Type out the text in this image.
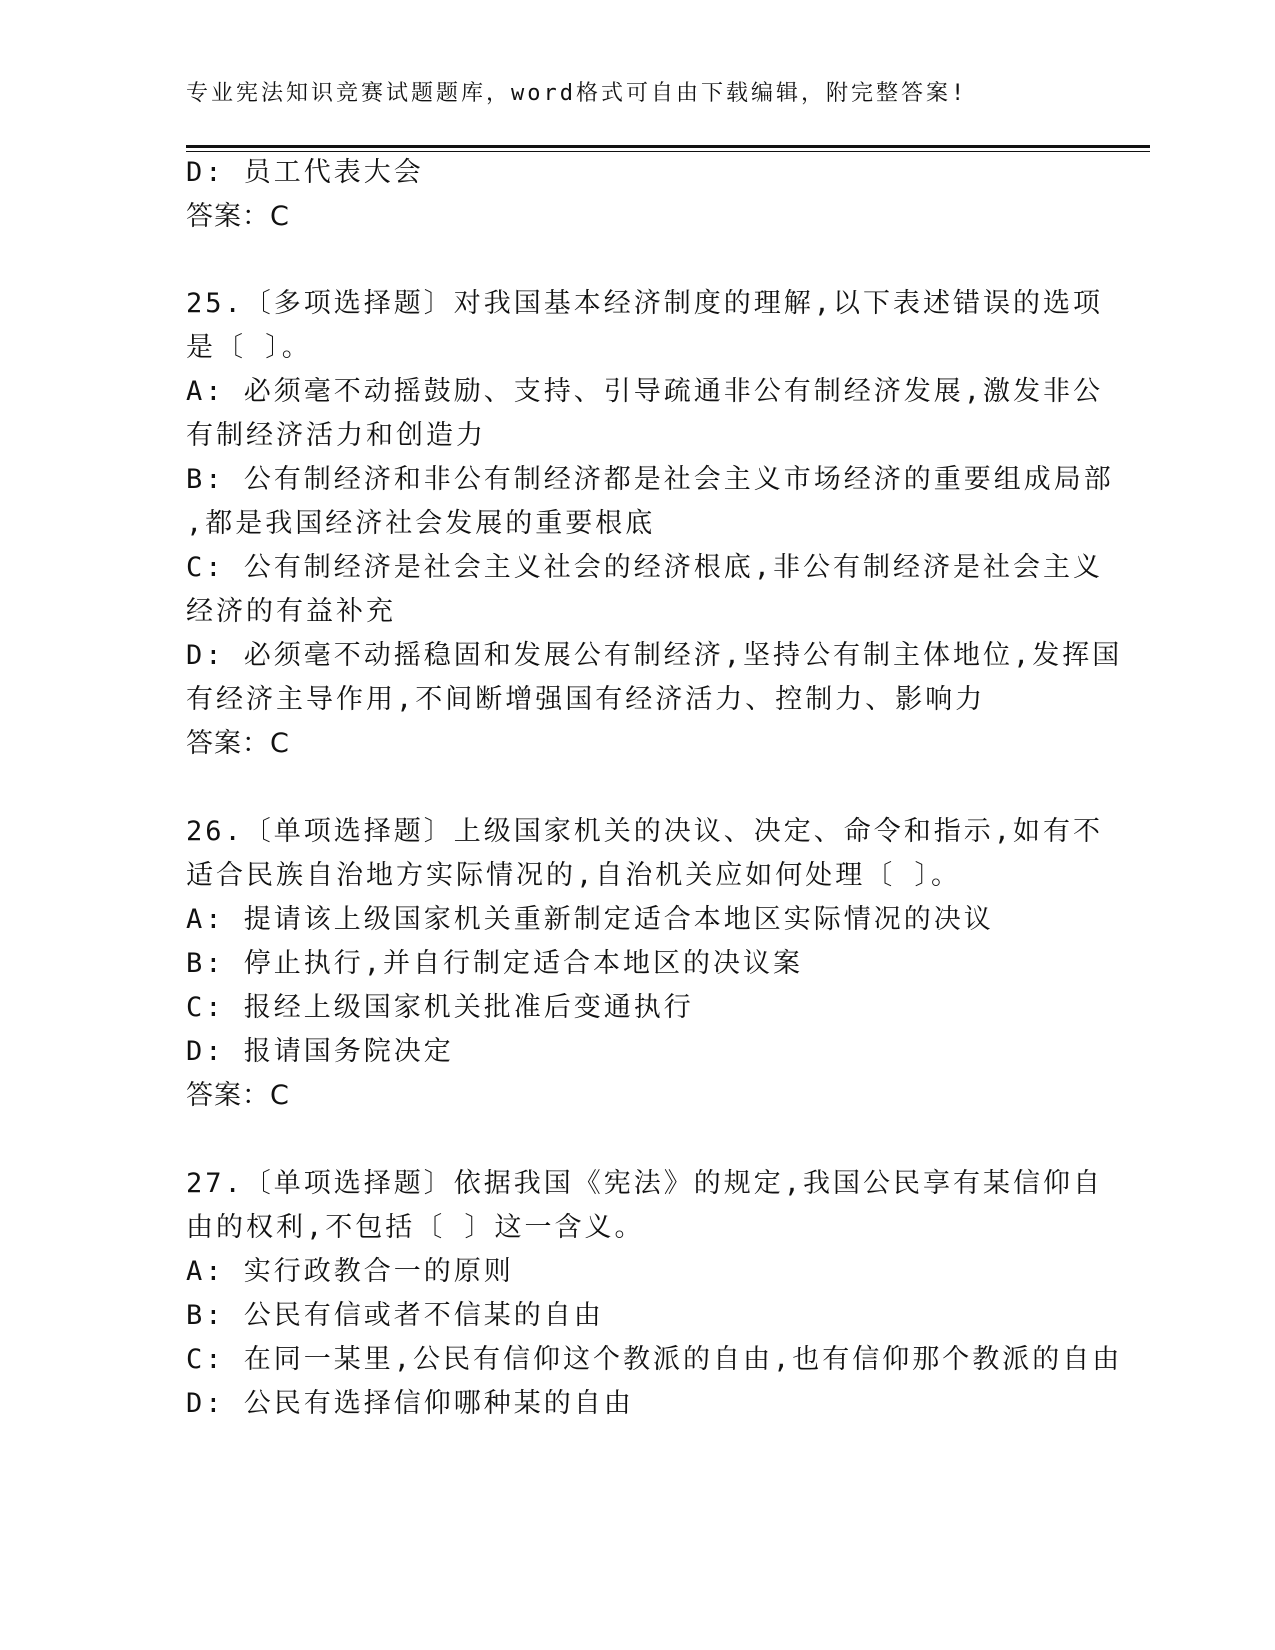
专业宪法知识竞赛试题题库，word格式可自由下载编辑，附完整答案!
D: 员工代表大会
答案：C
25.〔多项选择题〕对我国基本经济制度的理解,以下表述错误的选项
是〔 〕。
A: 必须毫不动摇鼓励、支持、引导疏通非公有制经济发展,激发非公
有制经济活力和创造力
B: 公有制经济和非公有制经济都是社会主义市场经济的重要组成局部
,都是我国经济社会发展的重要根底
C: 公有制经济是社会主义社会的经济根底,非公有制经济是社会主义
经济的有益补充
D: 必须毫不动摇稳固和发展公有制经济,坚持公有制主体地位,发挥国
有经济主导作用,不间断增强国有经济活力、控制力、影响力
答案：C
26.〔单项选择题〕上级国家机关的决议、决定、命令和指示,如有不
适合民族自治地方实际情况的,自治机关应如何处理〔 〕。
A: 提请该上级国家机关重新制定适合本地区实际情况的决议
B: 停止执行,并自行制定适合本地区的决议案
C: 报经上级国家机关批准后变通执行
D: 报请国务院决定
答案：C
27.〔单项选择题〕依据我国《宪法》的规定,我国公民享有某信仰自
由的权利,不包括〔 〕这一含义。
A: 实行政教合一的原则
B: 公民有信或者不信某的自由
C: 在同一某里,公民有信仰这个教派的自由,也有信仰那个教派的自由
D: 公民有选择信仰哪种某的自由
